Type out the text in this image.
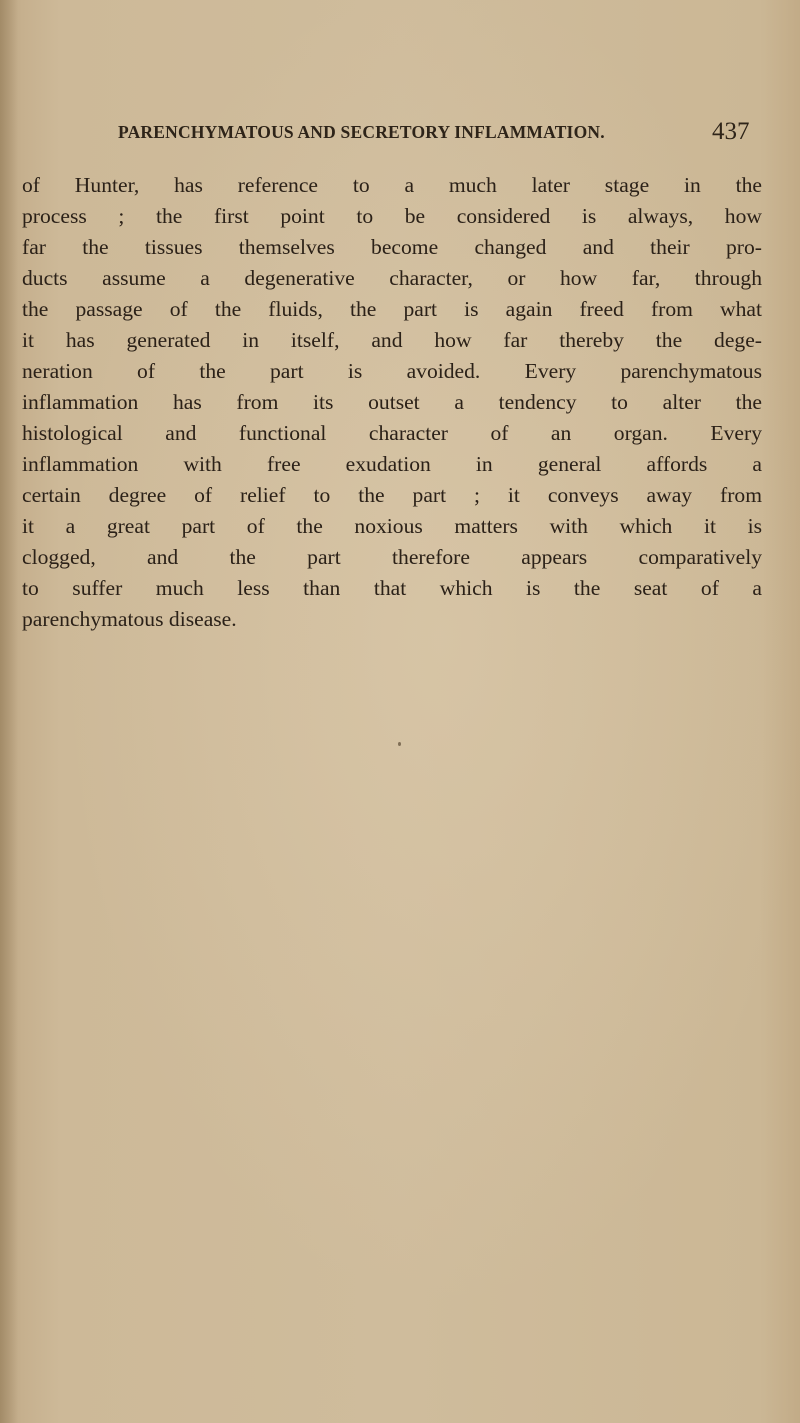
PARENCHYMATOUS AND SECRETORY INFLAMMATION.	437
of Hunter, has reference to a much later stage in the
process ; the first point to be considered is always, how
far the tissues themselves become changed and their pro-
ducts assume a degenerative character, or how far, through
the passage of the fluids, the part is again freed from what
it has generated in itself, and how far thereby the dege-
neration of the part is avoided. Every parenchymatous
inflammation has from its outset a tendency to alter the
histological and functional character of an organ. Every
inflammation with free exudation in general affords a
certain degree of relief to the part ; it conveys away from
it a great part of the noxious matters with which it is
clogged, and the part therefore appears comparatively
to suffer much less than that which is the seat of a
parenchymatous disease.
